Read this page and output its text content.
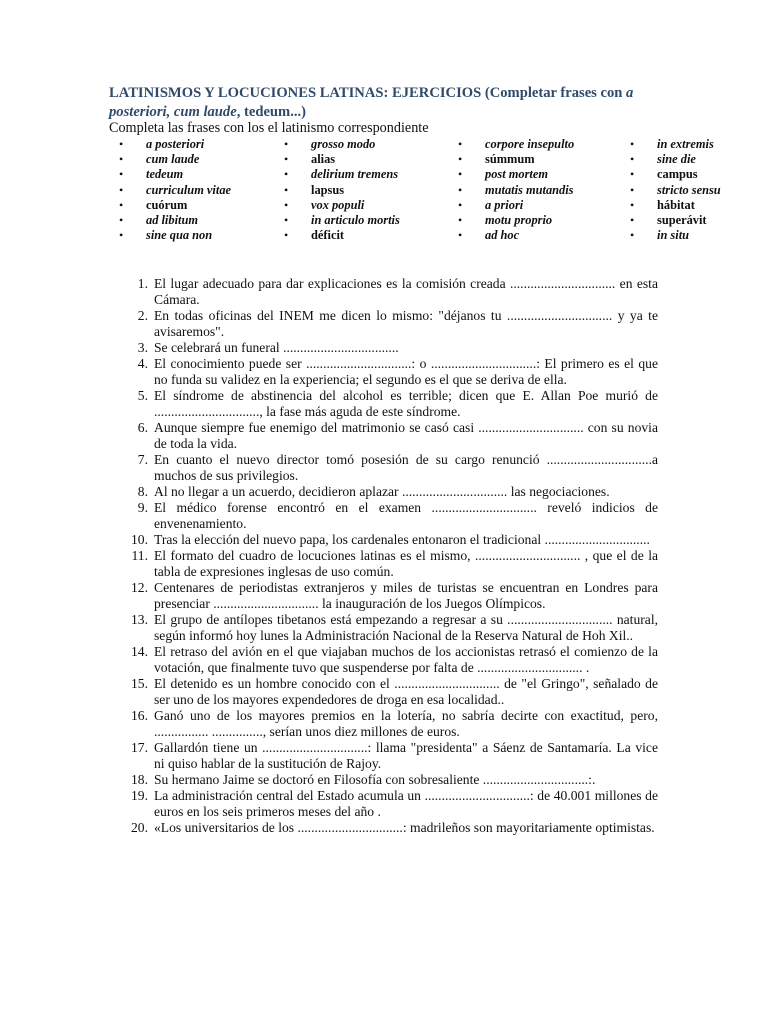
LATINISMOS Y LOCUCIONES LATINAS: EJERCICIOS (Completar frases con a posteriori, cum laude, tedeum...)
Completa las frases con los el latinismo correspondiente
• a posteriori
• cum laude
• tedeum
• curriculum vitae
• cuórum
• ad libitum
• sine qua non
• grosso modo
• alias
• delirium tremens
• lapsus
• vox populi
• in articulo mortis
• déficit
• corpore insepulto
• súmmum
• post mortem
• mutatis mutandis
• a priori
• motu proprio
• ad hoc
• in extremis
• sine die
• campus
• stricto sensu
• hábitat
• superávit
• in situ
1. El lugar adecuado para dar explicaciones es la comisión creada ............................... en esta Cámara.
2. En todas oficinas del INEM me dicen lo mismo: "déjanos tu ............................... y ya te avisaremos".
3. Se celebrará un funeral ..................................
4. El conocimiento puede ser ...............................: o ...............................: El primero es el que no funda su validez en la experiencia; el segundo es el que se deriva de ella.
5. El síndrome de abstinencia del alcohol es terrible; dicen que E. Allan Poe murió de ..............................., la fase más aguda de este síndrome.
6. Aunque siempre fue enemigo del matrimonio se casó casi ............................... con su novia de toda la vida.
7. En cuanto el nuevo director tomó posesión de su cargo renunció ...............................a muchos de sus privilegios.
8. Al no llegar a un acuerdo, decidieron aplazar ............................... las negociaciones.
9. El médico forense encontró en el examen ............................... reveló indicios de envenenamiento.
10. Tras la elección del nuevo papa, los cardenales entonaron el tradicional ...............................
11. El formato del cuadro de locuciones latinas es el mismo, ............................... , que el de la tabla de expresiones inglesas de uso común.
12. Centenares de periodistas extranjeros y miles de turistas se encuentran en Londres para presenciar ............................... la inauguración de los Juegos Olímpicos.
13. El grupo de antílopes tibetanos está empezando a regresar a su ............................... natural, según informó hoy lunes la Administración Nacional de la Reserva Natural de Hoh Xil..
14. El retraso del avión en el que viajaban muchos de los accionistas retrasó el comienzo de la votación, que finalmente tuvo que suspenderse por falta de ............................... .
15. El detenido es un hombre conocido con el ............................... de "el Gringo", señalado de ser uno de los mayores expendedores de droga en esa localidad..
16. Ganó uno de los mayores premios en la lotería, no sabría decirte con exactitud, pero, ................ ..............., serían unos diez millones de euros.
17. Gallardón tiene un ...............................: llama "presidenta" a Sáenz de Santamaría. La vice ni quiso hablar de la sustitución de Rajoy.
18. Su hermano Jaime se doctoró en Filosofía con sobresaliente ...............................:.
19. La administración central del Estado acumula un ...............................: de 40.001 millones de euros en los seis primeros meses del año .
20. «Los universitarios de los ...............................: madrileños son mayoritariamente optimistas.
